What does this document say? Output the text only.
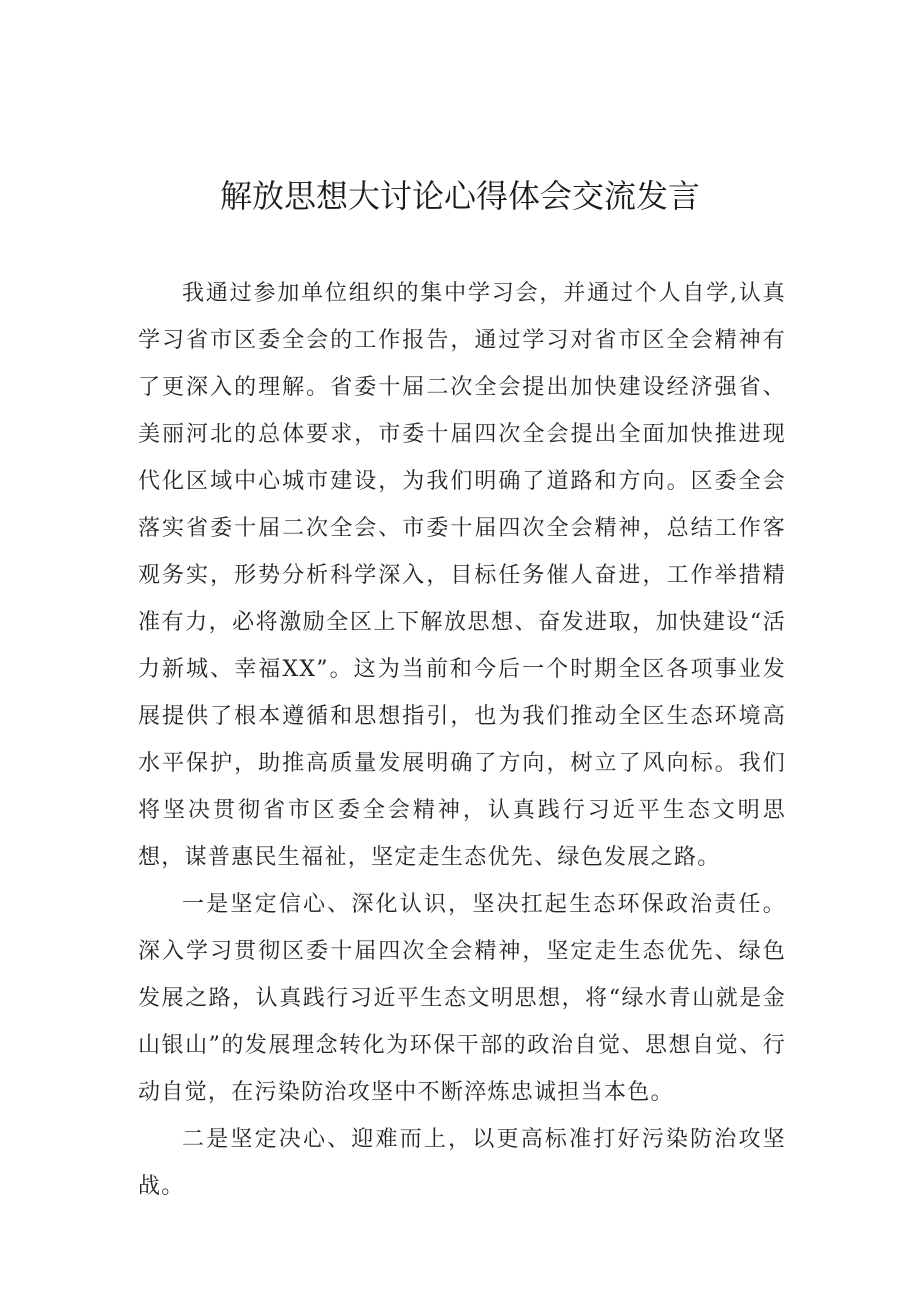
解放思想大讨论心得体会交流发言

我通过参加单位组织的集中学习会，并通过个人自学,认真学习省市区委全会的工作报告，通过学习对省市区全会精神有了更深入的理解。省委十届二次全会提出加快建设经济强省、美丽河北的总体要求，市委十届四次全会提出全面加快推进现代化区域中心城市建设，为我们明确了道路和方向。区委全会落实省委十届二次全会、市委十届四次全会精神，总结工作客观务实，形势分析科学深入，目标任务催人奋进，工作举措精准有力，必将激励全区上下解放思想、奋发进取，加快建设“活力新城、幸福XX”。这为当前和今后一个时期全区各项事业发展提供了根本遵循和思想指引，也为我们推动全区生态环境高水平保护，助推高质量发展明确了方向，树立了风向标。我们将坚决贯彻省市区委全会精神，认真践行习近平生态文明思想，谋普惠民生福祉，坚定走生态优先、绿色发展之路。

一是坚定信心、深化认识，坚决扛起生态环保政治责任。深入学习贯彻区委十届四次全会精神，坚定走生态优先、绿色发展之路，认真践行习近平生态文明思想，将“绿水青山就是金山银山”的发展理念转化为环保干部的政治自觉、思想自觉、行动自觉，在污染防治攻坚中不断淬炼忠诚担当本色。

二是坚定决心、迎难而上，以更高标准打好污染防治攻坚战。
